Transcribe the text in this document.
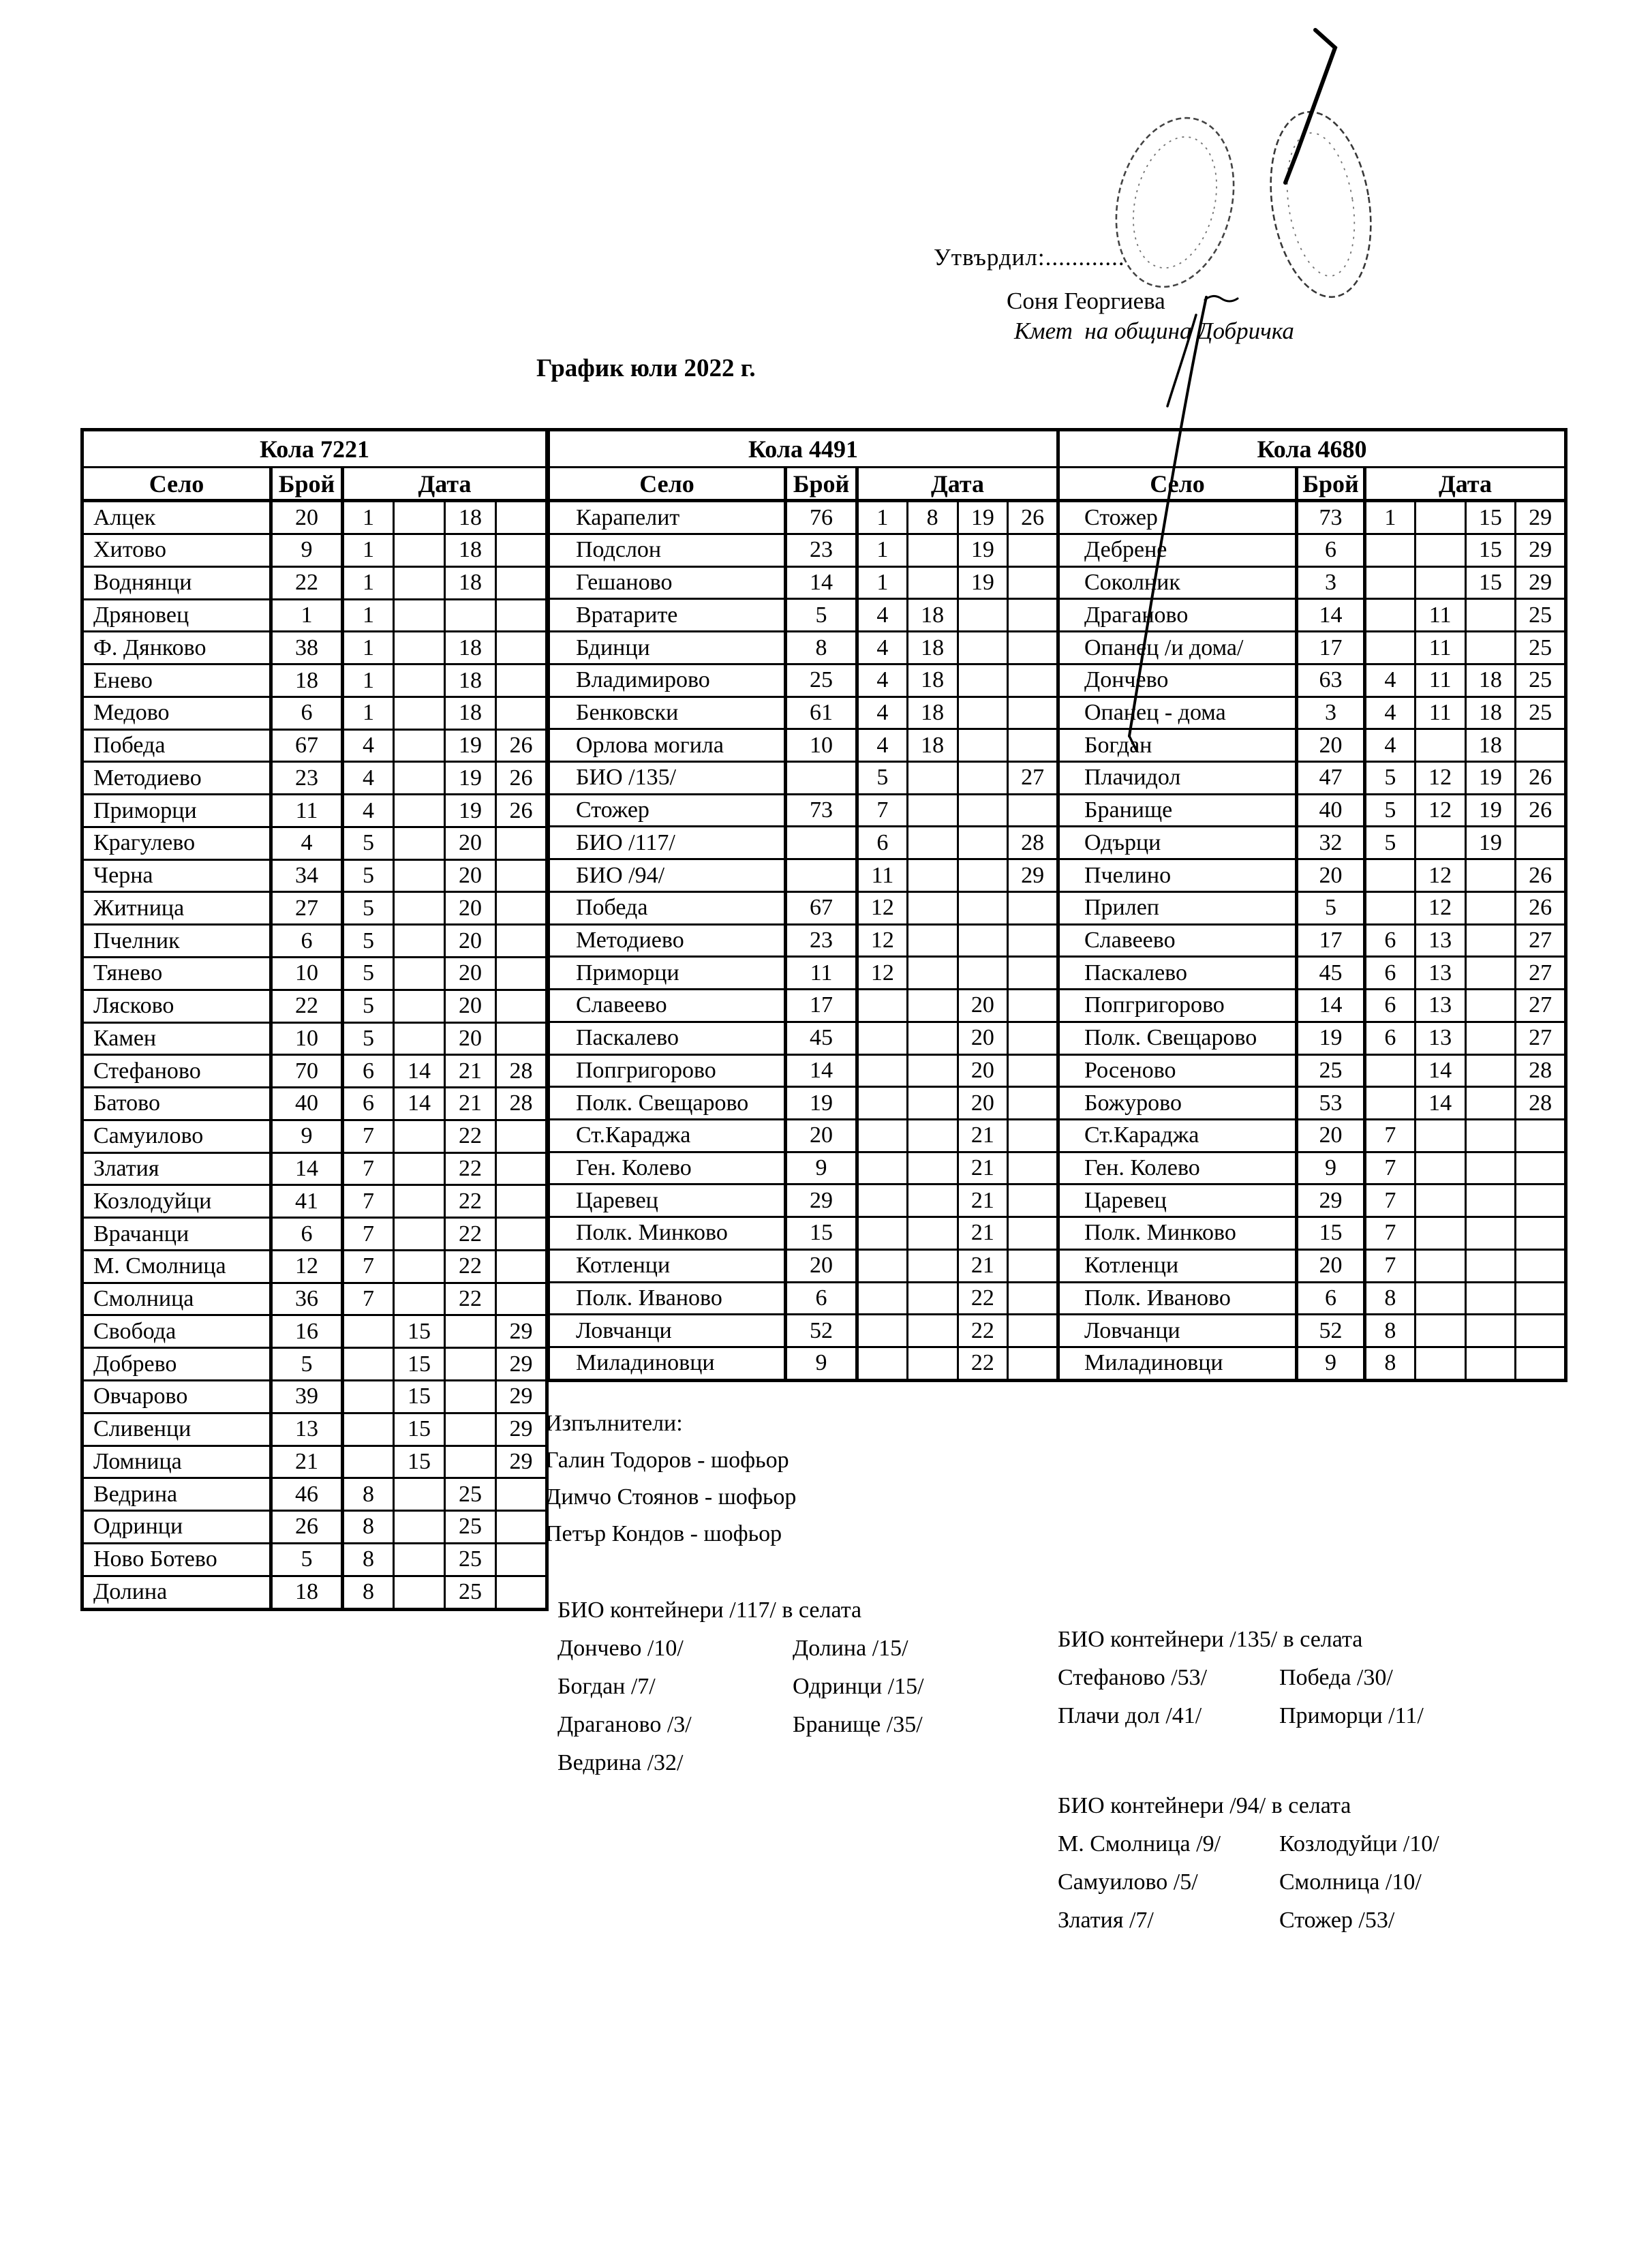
Утвърдил:............
Соня Георгиева
Кмет  на община Добричка
График юли 2022 г.
Кола 7221					
Село	Брой	Дата			
Алцек	20	1		18	
Хитово	9	1		18	
Воднянци	22	1		18	
Дряновец	1	1			
Ф. Дянково	38	1		18	
Енево	18	1		18	
Медово	6	1		18	
Победа	67	4		19	26
Методиево	23	4		19	26
Приморци	11	4		19	26
Крагулево	4	5		20	
Черна	34	5		20	
Житница	27	5		20	
Пчелник	6	5		20	
Тянево	10	5		20	
Лясково	22	5		20	
Камен	10	5		20	
Стефаново	70	6	14	21	28
Батово	40	6	14	21	28
Самуилово	9	7		22	
Златия	14	7		22	
Козлодуйци	41	7		22	
Врачанци	6	7		22	
М. Смолница	12	7		22	
Смолница	36	7		22	
Свобода	16		15		29
Добрево	5		15		29
Овчарово	39		15		29
Сливенци	13		15		29
Ломница	21		15		29
Ведрина	46	8		25	
Одринци	26	8		25	
Ново Ботево	5	8		25	
Долина	18	8		25	
Кола 4491					
Село	Брой	Дата			
Карапелит	76	1	8	19	26
Подслон	23	1		19	
Гешаново	14	1		19	
Вратарите	5	4	18		
Бдинци	8	4	18		
Владимирово	25	4	18		
Бенковски	61	4	18		
Орлова могила	10	4	18		
БИО /135/		5			27
Стожер	73	7			
БИО /117/		6			28
БИО /94/		11			29
Победа	67	12			
Методиево	23	12			
Приморци	11	12			
Славеево	17			20	
Паскалево	45			20	
Попгригорово	14			20	
Полк. Свещарово	19			20	
Ст.Караджа	20			21	
Ген. Колево	9			21	
Царевец	29			21	
Полк. Минково	15			21	
Котленци	20			21	
Полк. Иваново	6			22	
Ловчанци	52			22	
Миладиновци	9			22	
Кола 4680					
Село	Брой	Дата			
Стожер	73	1		15	29
Дебрене	6			15	29
Соколник	3			15	29
Драганово	14		11		25
Опанец /и дома/	17		11		25
Дончево	63	4	11	18	25
Опанец - дома	3	4	11	18	25
Богдан	20	4		18	
Плачидол	47	5	12	19	26
Бранище	40	5	12	19	26
Одърци	32	5		19	
Пчелино	20		12		26
Прилеп	5		12		26
Славеево	17	6	13		27
Паскалево	45	6	13		27
Попгригорово	14	6	13		27
Полк. Свещарово	19	6	13		27
Росеново	25		14		28
Божурово	53		14		28
Ст.Караджа	20	7			
Ген. Колево	9	7			
Царевец	29	7			
Полк. Минково	15	7			
Котленци	20	7			
Полк. Иваново	6	8			
Ловчанци	52	8			
Миладиновци	9	8			
Изпълнители:
Галин Тодоров - шофьор
Димчо Стоянов - шофьор
Петър Кондов - шофьор
БИО контейнери /117/ в селата
Дончево /10/
Богдан /7/
Драганово /3/
Ведрина /32/
Долина /15/
Одринци /15/
Бранище /35/
БИО контейнери /135/ в селата
Стефаново /53/
Плачи дол /41/
Победа /30/
Приморци /11/
БИО контейнери /94/ в селата
М. Смолница /9/
Самуилово /5/
Златия /7/
Козлодуйци /10/
Смолница /10/
Стожер /53/
